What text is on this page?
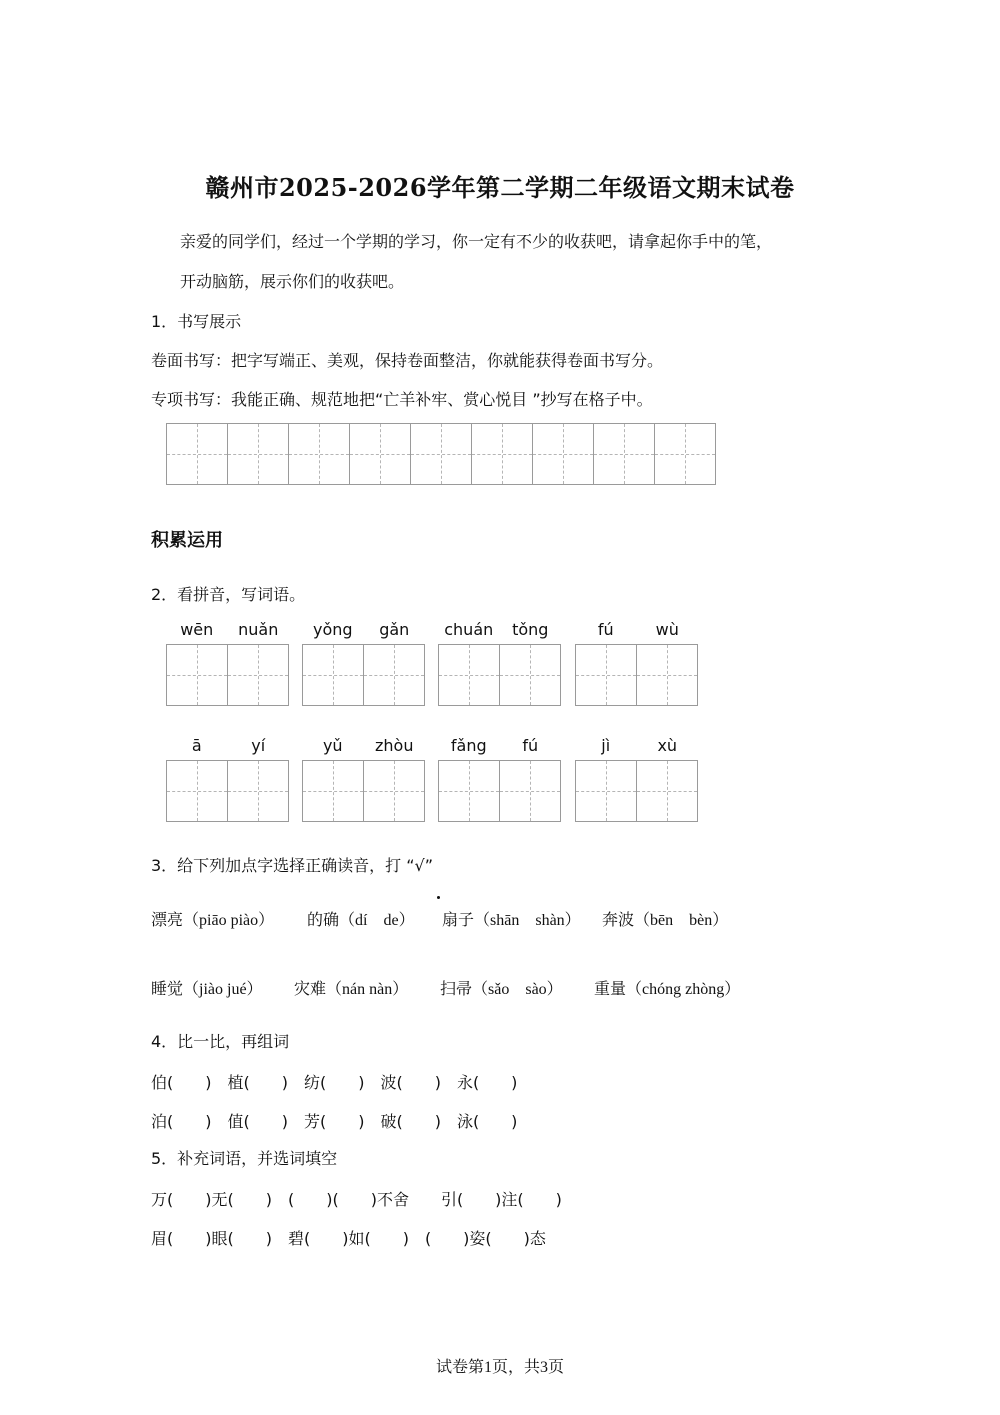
赣州市2025-2026学年第二学期二年级语文期末试卷
亲爱的同学们，经过一个学期的学习，你一定有不少的收获吧，请拿起你手中的笔，
开动脑筋，展示你们的收获吧。
1．书写展示
卷面书写：把字写端正、美观，保持卷面整洁，你就能获得卷面书写分。
专项书写：我能正确、规范地把“亡羊补牢、赏心悦目 ”抄写在格子中。
积累运用
2．看拼音，写词语。
wēn	nuǎn	yǒng	gǎn	chuán	tǒng	fú	wù
ā	yí	yǔ	zhòu	fǎng	fú	jì	xù
3．给下列加点字选择正确读音，打 “√”
漂亮（piāo piào） 的确（dí　de） 扇子（shān　shàn） 奔波（bēn　bèn）
睡觉（jiào jué） 灾难（nán nàn） 扫帚（sǎo　sào） 重量（chóng zhòng）
4．比一比，再组词
伯(　　)　植(　　)　纺(　　)　波(　　)　永(　　)
泊(　　)　值(　　)　芳(　　)　破(　　)　泳(　　)
5．补充词语，并选词填空
万(　　)无(　　)　(　　)(　　)不舍　　引(　　)注(　　)
眉(　　)眼(　　)　碧(　　)如(　　)　(　　)姿(　　)态
试卷第1页，共3页
